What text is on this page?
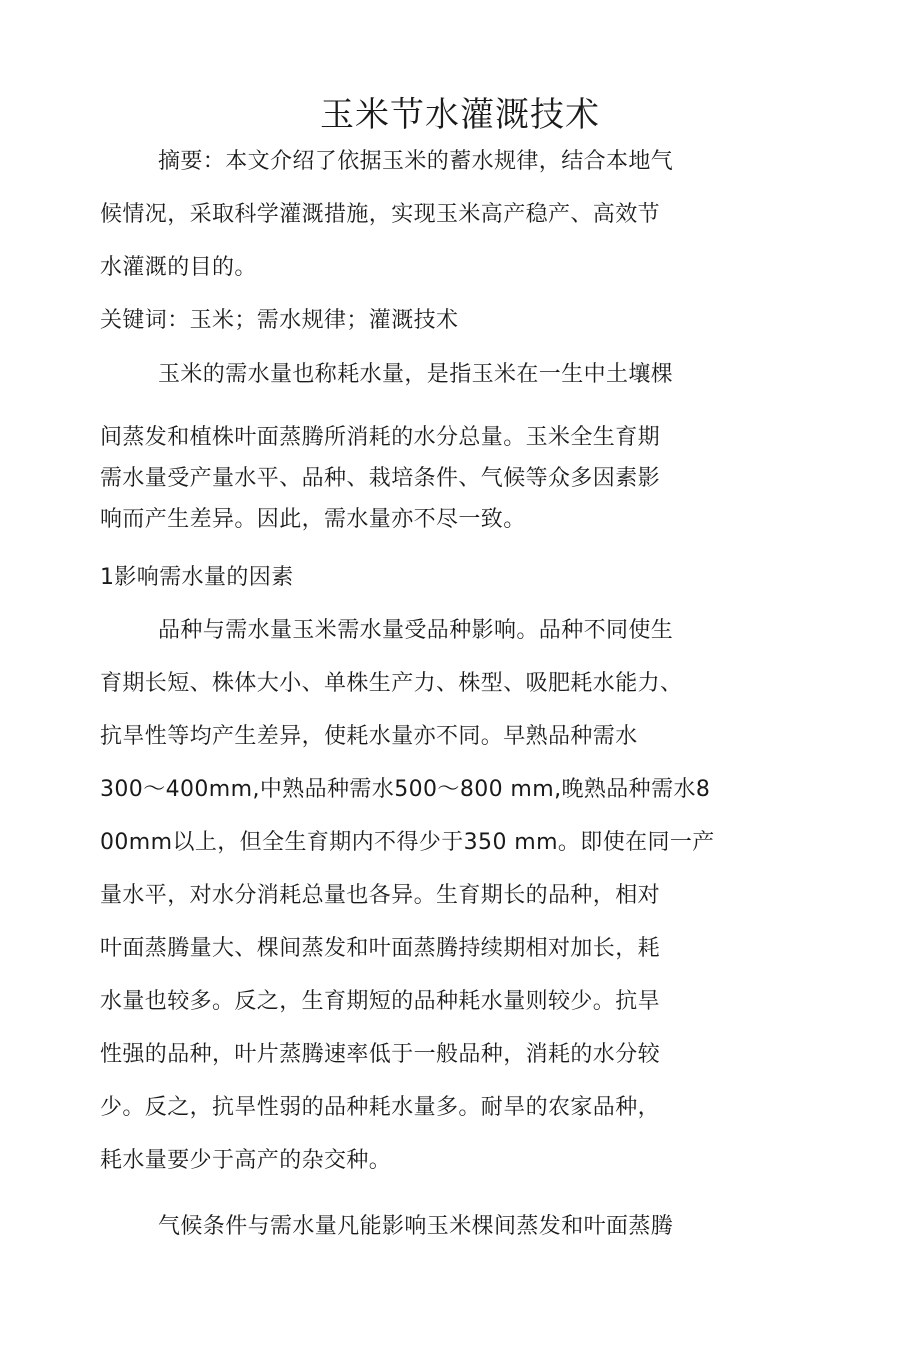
玉米节水灌溉技术
摘要：本文介绍了依据玉米的蓄水规律，结合本地气
候情况，采取科学灌溉措施，实现玉米高产稳产、高效节
水灌溉的目的。
关键词：玉米；需水规律；灌溉技术
玉米的需水量也称耗水量，是指玉米在一生中土壤棵
间蒸发和植株叶面蒸腾所消耗的水分总量。玉米全生育期
需水量受产量水平、品种、栽培条件、气候等众多因素影
响而产生差异。因此，需水量亦不尽一致。
1影响需水量的因素
品种与需水量玉米需水量受品种影响。品种不同使生
育期长短、株体大小、单株生产力、株型、吸肥耗水能力、
抗旱性等均产生差异，使耗水量亦不同。早熟品种需水
300～400mm,中熟品种需水500～800 mm,晚熟品种需水8
00mm以上，但全生育期内不得少于350 mm。即使在同一产
量水平，对水分消耗总量也各异。生育期长的品种，相对
叶面蒸腾量大、棵间蒸发和叶面蒸腾持续期相对加长，耗
水量也较多。反之，生育期短的品种耗水量则较少。抗旱
性强的品种，叶片蒸腾速率低于一般品种，消耗的水分较
少。反之，抗旱性弱的品种耗水量多。耐旱的农家品种，
耗水量要少于高产的杂交种。
气候条件与需水量凡能影响玉米棵间蒸发和叶面蒸腾
